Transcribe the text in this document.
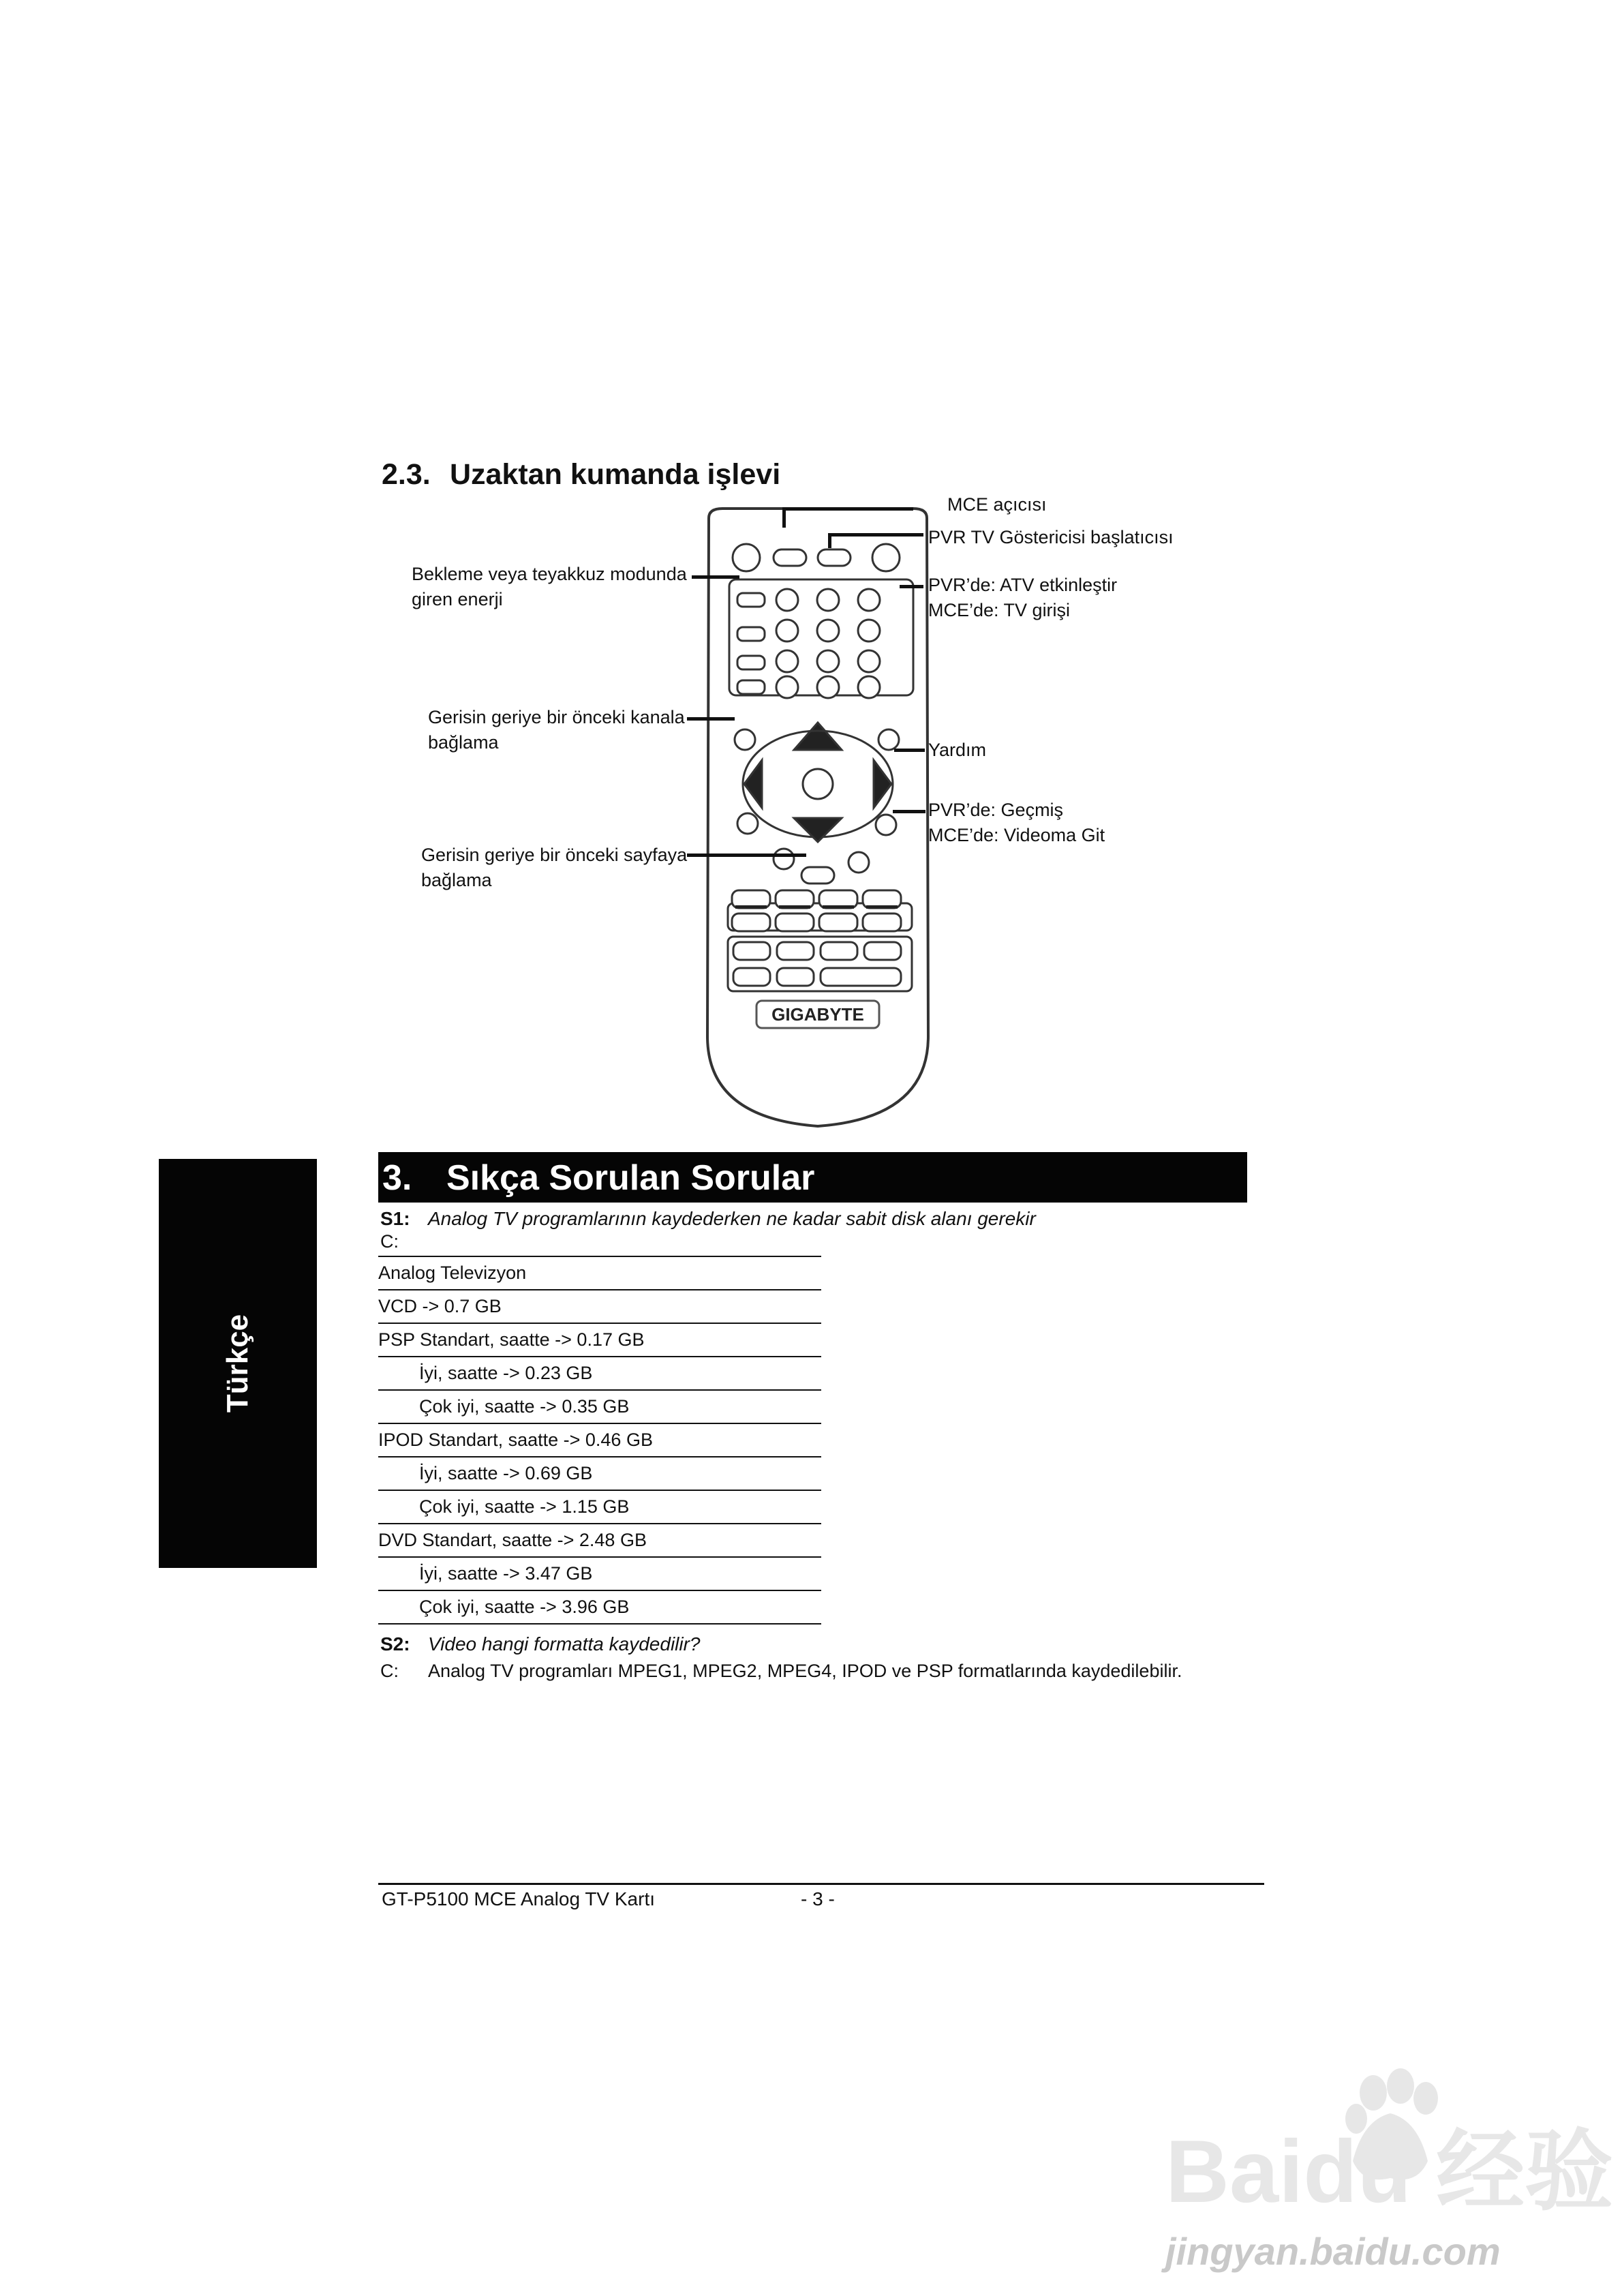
2.3. Uzaktan kumanda işlevi
GIGABYTE
MCE açıcısı
PVR TV Göstericisi başlatıcısı
PVR’de: ATV etkinleştir
MCE’de: TV girişi
Bekleme veya teyakkuz modunda
giren enerji
Gerisin geriye bir önceki kanala
bağlama	Yardım
PVR’de: Geçmiş
MCE’de: Videoma Git
Gerisin geriye bir önceki sayfaya
bağlama
Türkçe
3. Sıkça Sorulan Sorular
S1: Analog TV programlarının kaydederken ne kadar sabit disk alanı gerekir
C:
Analog Televizyon
VCD -> 0.7 GB
PSP Standart, saatte -> 0.17 GB
İyi, saatte -> 0.23 GB
Çok iyi, saatte -> 0.35 GB
IPOD Standart, saatte -> 0.46 GB
İyi, saatte -> 0.69 GB
Çok iyi, saatte -> 1.15 GB
DVD Standart, saatte -> 2.48 GB
İyi, saatte -> 3.47 GB
Çok iyi, saatte -> 3.96 GB
S2: Video hangi formatta kaydedilir?
C: Analog TV programları MPEG1, MPEG2, MPEG4, IPOD ve PSP formatlarında kaydedilebilir.
GT-P5100 MCE Analog TV Kartı	- 3 -
Baidu 经验
jingyan.baidu.com
